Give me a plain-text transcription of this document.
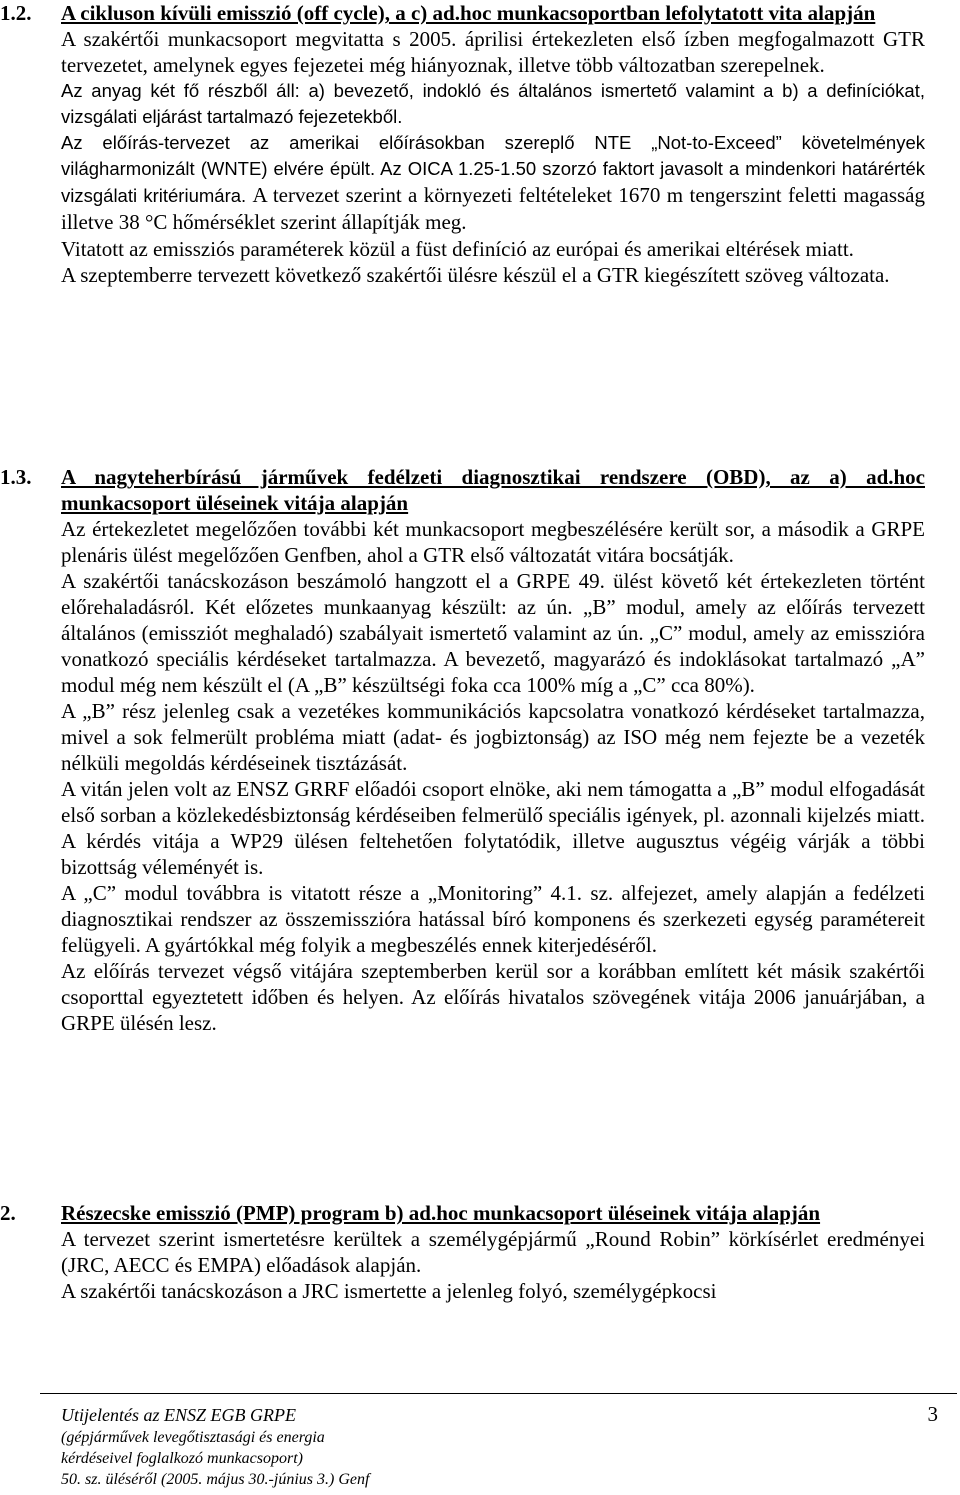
1.2. A cikluson kívüli emisszió (off cycle), a c) ad.hoc munkacsoportban lefolytatott vita alapján

A szakértői munkacsoport megvitatta s 2005. áprilisi értekezleten első ízben megfogalmazott GTR tervezetet, amelynek egyes fejezetei még hiányoznak, illetve több változatban szerepelnek.

Az anyag két fő részből áll: a) bevezető, indokló és általános ismertető valamint a b) a definíciókat, vizsgálati eljárást tartalmazó fejezetekből.

Az előírás-tervezet az amerikai előírásokban szereplő NTE „Not-to-Exceed” követelmények világharmonizált (WNTE) elvére épült. Az OICA 1.25-1.50 szorzó faktort javasolt a mindenkori határérték vizsgálati kritériumára. A tervezet szerint a környezeti feltételeket 1670 m tengerszint feletti magasság illetve 38 °C hőmérséklet szerint állapítják meg.

Vitatott az emissziós paraméterek közül a füst definíció az európai és amerikai eltérések miatt.

A szeptemberre tervezett következő szakértői ülésre készül el a GTR kiegészített szöveg változata.

1.3. A nagyteherbírású járművek fedélzeti diagnosztikai rendszere (OBD), az a) ad.hoc munkacsoport üléseinek vitája alapján

Az értekezletet megelőzően további két munkacsoport megbeszélésére került sor, a második a GRPE plenáris ülést megelőzően Genfben, ahol a GTR első változatát vitára bocsátják.

A szakértői tanácskozáson beszámoló hangzott el a GRPE 49. ülést követő két értekezleten történt előrehaladásról. Két előzetes munkaanyag készült: az ún. „B” modul, amely az előírás tervezett általános (emissziót meghaladó) szabályait ismertető valamint az ún. „C” modul, amely az emisszióra vonatkozó speciális kérdéseket tartalmazza. A bevezető, magyarázó és indoklásokat tartalmazó „A” modul még nem készült el (A „B” készültségi foka cca 100% míg a „C” cca 80%).

A „B” rész jelenleg csak a vezetékes kommunikációs kapcsolatra vonatkozó kérdéseket tartalmazza, mivel a sok felmerült probléma miatt (adat- és jogbiztonság) az ISO még nem fejezte be a vezeték nélküli megoldás kérdéseinek tisztázását.

A vitán jelen volt az ENSZ GRRF előadói csoport elnöke, aki nem támogatta a „B” modul elfogadását első sorban a közlekedésbiztonság kérdéseiben felmerülő speciális igények, pl. azonnali kijelzés miatt. A kérdés vitája a WP29 ülésen feltehetően folytatódik, illetve augusztus végéig várják a többi bizottság véleményét is.

A „C” modul továbbra is vitatott része a „Monitoring” 4.1. sz. alfejezet, amely alapján a fedélzeti diagnosztikai rendszer az összemisszióra hatással bíró komponens és szerkezeti egység paramétereit felügyeli. A gyártókkal még folyik a megbeszélés ennek kiterjedéséről.

Az előírás tervezet végső vitájára szeptemberben kerül sor a korábban említett két másik szakértői csoporttal egyeztetett időben és helyen. Az előírás hivatalos szövegének vitája 2006 januárjában, a GRPE ülésén lesz.

2. Részecske emisszió (PMP) program b) ad.hoc munkacsoport üléseinek vitája alapján

A tervezet szerint ismertetésre kerültek a személygépjármű „Round Robin” körkísérlet eredményei (JRC, AECC és EMPA) előadások alapján.

A szakértői tanácskozáson a JRC ismertette a jelenleg folyó, személygépkocsi

Utijelentés az ENSZ EGB GRPE
(gépjárművek levegőtisztasági és energia
kérdéseivel foglalkozó munkacsoport)
50. sz. üléséről (2005. május 30.-június 3.) Genf
3
